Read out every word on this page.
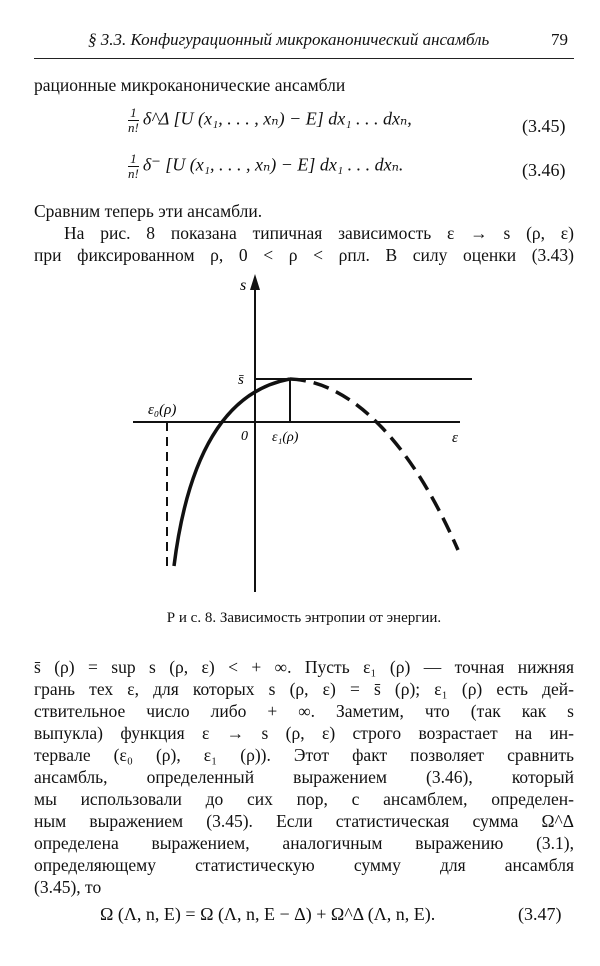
§ 3.3. Конфигурационный микроканонический ансамбль	79
рационные микроканонические ансамбли
$\frac{1}{n!}$ δ^Δ [U (x₁, . . . , xₙ) − E] dx₁ . . . dxₙ,	(3.45)
$\frac{1}{n!} \delta^-$ [U (x₁, . . . , xₙ) − E] dx₁ . . . dxₙ.	(3.46)
Сравним теперь эти ансамбли.
На рис. 8 показана типичная зависимость ε → s (ρ, ε)
при фиксированном ρ, 0 < ρ < ρпл. В силу оценки (3.43)
s
ε
0
s̄
ε₀(ρ)
ε₁(ρ)
Р и с. 8. Зависимость энтропии от энергии.
s̄ (ρ) = sup s (ρ, ε) < + ∞. Пусть ε₁ (ρ) — точная нижняя
грань тех ε, для которых s (ρ, ε) = s̄ (ρ); ε₁ (ρ) есть дей-
ствительное число либо + ∞. Заметим, что (так как s
выпукла) функция ε → s (ρ, ε) строго возрастает на ин-
тервале (ε₀ (ρ), ε₁ (ρ)). Этот факт позволяет сравнить
ансамбль, определенный выражением (3.46), который
мы использовали до сих пор, с ансамблем, определен-
ным выражением (3.45). Если статистическая сумма Ω^Δ
определена выражением, аналогичным выражению (3.1),
определяющему статистическую сумму для ансамбля
(3.45), то
Ω (Λ, n, E) = Ω (Λ, n, E − Δ) + Ω^Δ (Λ, n, E).	(3.47)
